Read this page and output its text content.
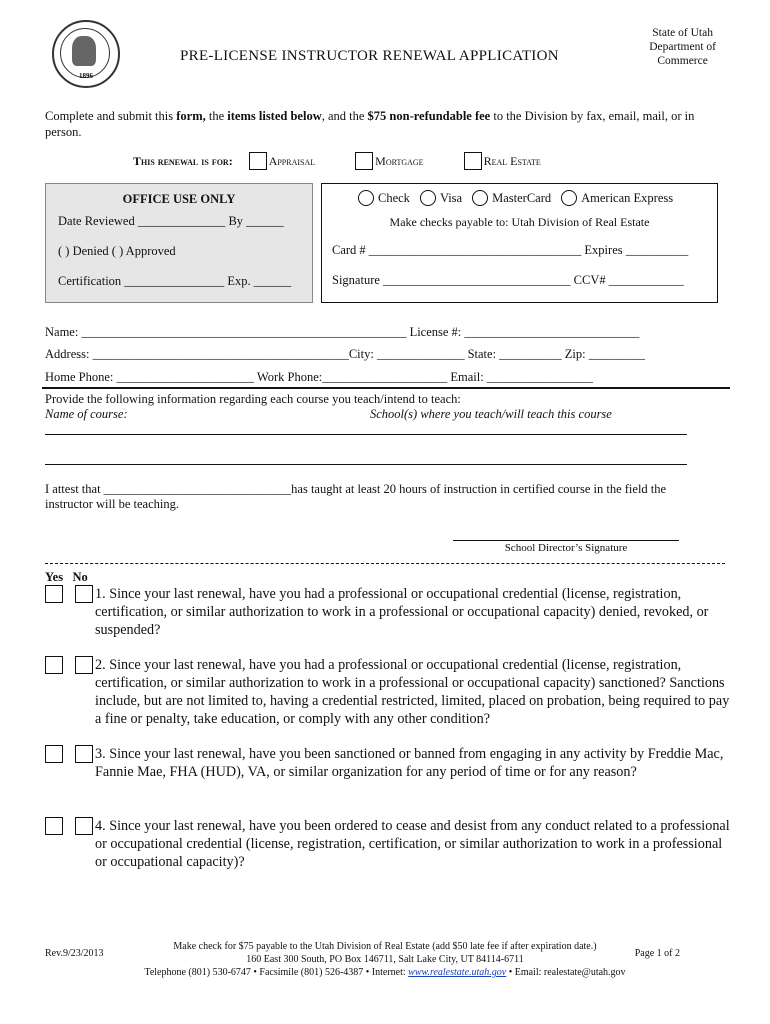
1896
PRE-LICENSE INSTRUCTOR RENEWAL APPLICATION
State of Utah
Department of
Commerce
Complete and submit this form, the items listed below, and the $75 non-refundable fee to the Division by fax, email, mail, or in person.
This renewal is for:	Appraisal	Mortgage	Real Estate
OFFICE USE ONLY
Date Reviewed ______________ By ______
( ) Denied ( ) Approved
Certification ________________ Exp. ______
Check Visa MasterCard American Express
Make checks payable to: Utah Division of Real Estate
Card # __________________________________ Expires __________
Signature ______________________________ CCV# ____________
Name: ____________________________________________________ License #: ____________________________
Address: _________________________________________City: ______________ State: __________ Zip: _________
Home Phone: ______________________ Work Phone:____________________ Email: _________________
Provide the following information regarding each course you teach/intend to teach:
Name of course:	School(s) where you teach/will teach this course
I attest that ______________________________has taught at least 20 hours of instruction in certified course in the field the instructor will be teaching.
School Director’s Signature
Yes No
1. Since your last renewal, have you had a professional or occupational credential (license, registration, certification, or similar authorization to work in a professional or occupational capacity) denied, revoked, or suspended?
2. Since your last renewal, have you had a professional or occupational credential (license, registration, certification, or similar authorization to work in a professional or occupational capacity) sanctioned? Sanctions include, but are not limited to, having a credential restricted, limited, placed on probation, being required to pay a fine or penalty, take education, or comply with any other condition?
3. Since your last renewal, have you been sanctioned or banned from engaging in any activity by Freddie Mac, Fannie Mae, FHA (HUD), VA, or similar organization for any period of time or for any reason?
4. Since your last renewal, have you been ordered to cease and desist from any conduct related to a professional or occupational credential (license, registration, certification, or similar authorization to work in a professional or occupational capacity)?
Rev.9/23/2013
Make check for $75 payable to the Utah Division of Real Estate (add $50 late fee if after expiration date.)
160 East 300 South, PO Box 146711, Salt Lake City, UT 84114-6711
Telephone (801) 530-6747 • Facsimile (801) 526-4387 • Internet: www.realestate.utah.gov • Email: realestate@utah.gov
Page 1 of 2
